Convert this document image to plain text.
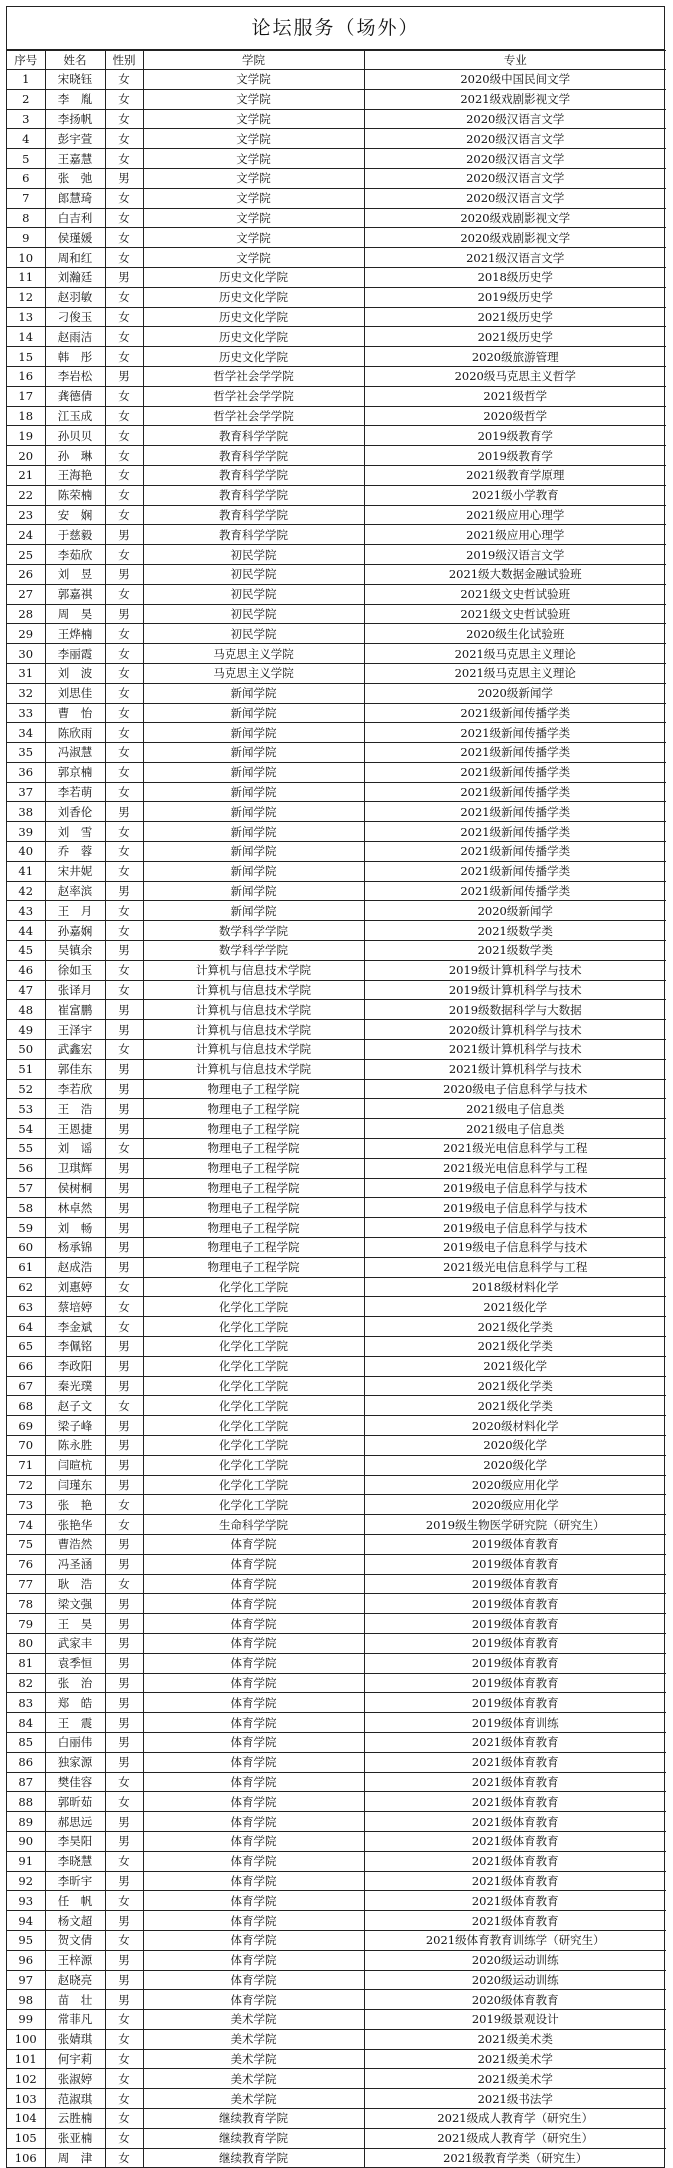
论坛服务（场外）
序号	姓名	性别	学院	专业
1	宋晓钰	女	文学院	2020级中国民间文学
2	李　胤	女	文学院	2021级戏剧影视文学
3	李扬帆	女	文学院	2020级汉语言文学
4	彭宇萱	女	文学院	2020级汉语言文学
5	王嘉慧	女	文学院	2020级汉语言文学
6	张　弛	男	文学院	2020级汉语言文学
7	郎慧琦	女	文学院	2020级汉语言文学
8	白吉利	女	文学院	2020级戏剧影视文学
9	侯瑾媛	女	文学院	2020级戏剧影视文学
10	周和红	女	文学院	2021级汉语言文学
11	刘瀚廷	男	历史文化学院	2018级历史学
12	赵羽敏	女	历史文化学院	2019级历史学
13	刁俊玉	女	历史文化学院	2021级历史学
14	赵雨洁	女	历史文化学院	2021级历史学
15	韩　彤	女	历史文化学院	2020级旅游管理
16	李岩松	男	哲学社会学学院	2020级马克思主义哲学
17	龚德倩	女	哲学社会学学院	2021级哲学
18	江玉成	女	哲学社会学学院	2020级哲学
19	孙贝贝	女	教育科学学院	2019级教育学
20	孙　琳	女	教育科学学院	2019级教育学
21	王海艳	女	教育科学学院	2021级教育学原理
22	陈荣楠	女	教育科学学院	2021级小学教育
23	安　娴	女	教育科学学院	2021级应用心理学
24	于慈毅	男	教育科学学院	2021级应用心理学
25	李茹欣	女	初民学院	2019级汉语言文学
26	刘　昱	男	初民学院	2021级大数据金融试验班
27	郭嘉祺	女	初民学院	2021级文史哲试验班
28	周　昊	男	初民学院	2021级文史哲试验班
29	王烨楠	女	初民学院	2020级生化试验班
30	李丽霞	女	马克思主义学院	2021级马克思主义理论
31	刘　波	女	马克思主义学院	2021级马克思主义理论
32	刘思佳	女	新闻学院	2020级新闻学
33	曹　怡	女	新闻学院	2021级新闻传播学类
34	陈欣雨	女	新闻学院	2021级新闻传播学类
35	冯淑慧	女	新闻学院	2021级新闻传播学类
36	郭京楠	女	新闻学院	2021级新闻传播学类
37	李若萌	女	新闻学院	2021级新闻传播学类
38	刘香伦	男	新闻学院	2021级新闻传播学类
39	刘　雪	女	新闻学院	2021级新闻传播学类
40	乔　蓉	女	新闻学院	2021级新闻传播学类
41	宋井妮	女	新闻学院	2021级新闻传播学类
42	赵率滨	男	新闻学院	2021级新闻传播学类
43	王　月	女	新闻学院	2020级新闻学
44	孙嘉娴	女	数学科学学院	2021级数学类
45	吴镇余	男	数学科学学院	2021级数学类
46	徐如玉	女	计算机与信息技术学院	2019级计算机科学与技术
47	张译月	女	计算机与信息技术学院	2019级计算机科学与技术
48	崔富鹏	男	计算机与信息技术学院	2019级数据科学与大数据
49	王泽宇	男	计算机与信息技术学院	2020级计算机科学与技术
50	武鑫宏	女	计算机与信息技术学院	2021级计算机科学与技术
51	郭佳东	男	计算机与信息技术学院	2021级计算机科学与技术
52	李若欣	男	物理电子工程学院	2020级电子信息科学与技术
53	王　浩	男	物理电子工程学院	2021级电子信息类
54	王恩捷	男	物理电子工程学院	2021级电子信息类
55	刘　谣	女	物理电子工程学院	2021级光电信息科学与工程
56	卫琪辉	男	物理电子工程学院	2021级光电信息科学与工程
57	侯树桐	男	物理电子工程学院	2019级电子信息科学与技术
58	林卓然	男	物理电子工程学院	2019级电子信息科学与技术
59	刘　畅	男	物理电子工程学院	2019级电子信息科学与技术
60	杨承锦	男	物理电子工程学院	2019级电子信息科学与技术
61	赵成浩	男	物理电子工程学院	2021级光电信息科学与工程
62	刘惠婷	女	化学化工学院	2018级材料化学
63	蔡培婷	女	化学化工学院	2021级化学
64	李金斌	女	化学化工学院	2021级化学类
65	李佩铭	男	化学化工学院	2021级化学类
66	李政阳	男	化学化工学院	2021级化学
67	秦光璞	男	化学化工学院	2021级化学类
68	赵子文	女	化学化工学院	2021级化学类
69	梁子峰	男	化学化工学院	2020级材料化学
70	陈永胜	男	化学化工学院	2020级化学
71	闫暄杭	男	化学化工学院	2020级化学
72	闫瑾东	男	化学化工学院	2020级应用化学
73	张　艳	女	化学化工学院	2020级应用化学
74	张艳华	女	生命科学学院	2019级生物医学研究院（研究生）
75	曹浩然	男	体育学院	2019级体育教育
76	冯圣涵	男	体育学院	2019级体育教育
77	耿　浩	女	体育学院	2019级体育教育
78	梁文强	男	体育学院	2019级体育教育
79	王　昊	男	体育学院	2019级体育教育
80	武家丰	男	体育学院	2019级体育教育
81	袁季恒	男	体育学院	2019级体育教育
82	张　治	男	体育学院	2019级体育教育
83	郑　皓	男	体育学院	2019级体育教育
84	王　震	男	体育学院	2019级体育训练
85	白丽伟	男	体育学院	2021级体育教育
86	独家源	男	体育学院	2021级体育教育
87	樊佳容	女	体育学院	2021级体育教育
88	郭昕茹	女	体育学院	2021级体育教育
89	郝思远	男	体育学院	2021级体育教育
90	李昊阳	男	体育学院	2021级体育教育
91	李晓慧	女	体育学院	2021级体育教育
92	李昕宇	男	体育学院	2021级体育教育
93	任　帆	女	体育学院	2021级体育教育
94	杨文超	男	体育学院	2021级体育教育
95	贺文倩	女	体育学院	2021级体育教育训练学（研究生）
96	王梓源	男	体育学院	2020级运动训练
97	赵晓亮	男	体育学院	2020级运动训练
98	苗　壮	男	体育学院	2020级体育教育
99	常菲凡	女	美术学院	2019级景观设计
100	张婧琪	女	美术学院	2021级美术类
101	何宇莉	女	美术学院	2021级美术学
102	张淑婷	女	美术学院	2021级美术学
103	范淑琪	女	美术学院	2021级书法学
104	云胜楠	女	继续教育学院	2021级成人教育学（研究生）
105	张亚楠	女	继续教育学院	2021级成人教育学（研究生）
106	周　津	女	继续教育学院	2021级教育学类（研究生）
